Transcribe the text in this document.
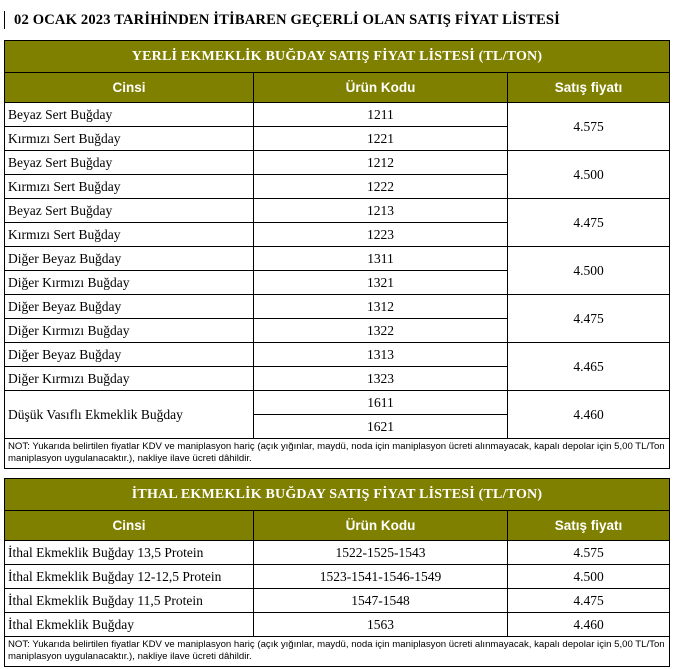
02 OCAK 2023 TARİHİNDEN İTİBAREN GEÇERLİ OLAN SATIŞ FİYAT LİSTESİ
YERLİ EKMEKLİK BUĞDAY SATIŞ FİYAT LİSTESİ (TL/TON)		
Cinsi	Ürün Kodu	Satış fiyatı
Beyaz Sert Buğday	1211	4.575
Kırmızı Sert Buğday	1221	
Beyaz Sert Buğday	1212	4.500
Kırmızı Sert Buğday	1222	
Beyaz Sert Buğday	1213	4.475
Kırmızı Sert Buğday	1223	
Diğer Beyaz Buğday	1311	4.500
Diğer Kırmızı Buğday	1321	
Diğer Beyaz Buğday	1312	4.475
Diğer Kırmızı Buğday	1322	
Diğer Beyaz Buğday	1313	4.465
Diğer Kırmızı Buğday	1323	
Düşük Vasıflı Ekmeklik Buğday	1611	4.460
	1621	
NOT: Yukarıda belirtilen fiyatlar KDV ve maniplasyon hariç (açık yığınlar, maydü, noda için maniplasyon ücreti alınmayacak, kapalı depolar için 5,00 TL/Ton maniplasyon uygulanacaktır.), nakliye ilave ücreti dâhildir.		
İTHAL EKMEKLİK BUĞDAY SATIŞ FİYAT LİSTESİ (TL/TON)		
Cinsi	Ürün Kodu	Satış fiyatı
İthal Ekmeklik Buğday 13,5 Protein	1522-1525-1543	4.575
İthal Ekmeklik Buğday 12-12,5 Protein	1523-1541-1546-1549	4.500
İthal Ekmeklik Buğday 11,5 Protein	1547-1548	4.475
İthal Ekmeklik Buğday	1563	4.460
NOT: Yukarıda belirtilen fiyatlar KDV ve maniplasyon hariç (açık yığınlar, maydü, noda için maniplasyon ücreti alınmayacak, kapalı depolar için 5,00 TL/Ton maniplasyon uygulanacaktır.), nakliye ilave ücreti dâhildir.		
